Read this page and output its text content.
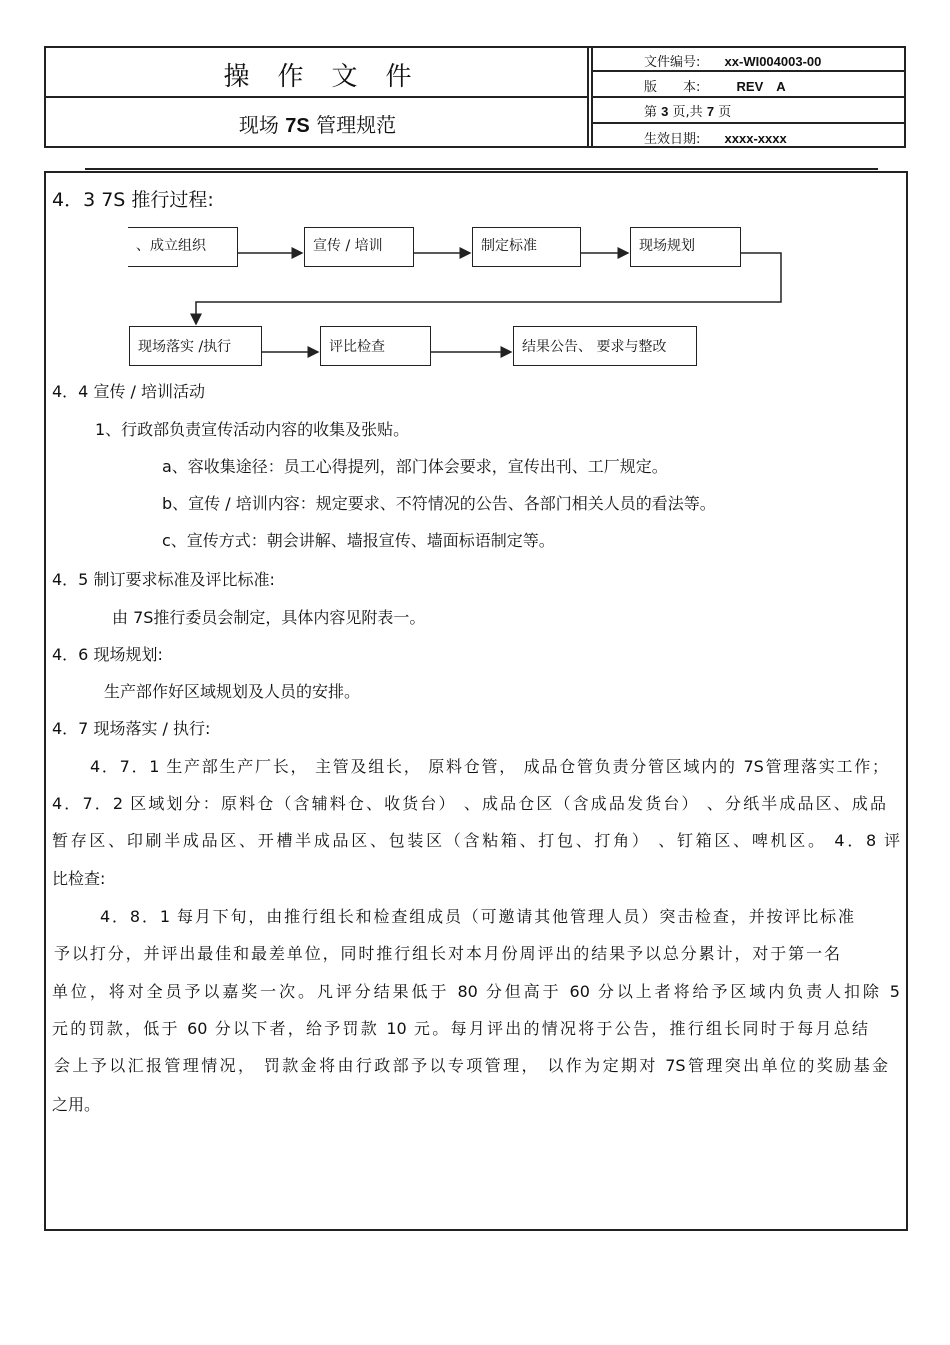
操作文件
现场 7S 管理规范
文件编号: xx-WI004003-00
版　　本:	REV　A
第 3 页,共 7 页
生效日期: xxxx-xxxx
4．3 7S 推行过程:
、成立组织	宣传 / 培训	制定标准	现场规划
现场落实 /执行	评比检查	结果公告、 要求与整改
4．4 宣传 / 培训活动
1、行政部负责宣传活动内容的收集及张贴。
a、容收集途径：员工心得提列，部门体会要求，宣传出刊、工厂规定。
b、宣传 / 培训内容：规定要求、不符情况的公告、各部门相关人员的看法等。
c、宣传方式：朝会讲解、墙报宣传、墙面标语制定等。
4．5 制订要求标准及评比标准:
由 7S推行委员会制定，具体内容见附表一。
4．6 现场规划:
生产部作好区域规划及人员的安排。
4．7 现场落实 / 执行:
4．7．1 生产部生产厂长， 主管及组长， 原料仓管， 成品仓管负责分管区域内的 7S管理落实工作；
4．7．2 区域划分：原料仓（含辅料仓、收货台） 、成品仓区（含成品发货台） 、分纸半成品区、成品
暂存区、印刷半成品区、开槽半成品区、包装区（含粘箱、打包、打角） 、钉箱区、啤机区。 4．8 评
比检查:
4．8．1 每月下旬，由推行组长和检查组成员（可邀请其他管理人员）突击检查，并按评比标准
予以打分，并评出最佳和最差单位，同时推行组长对本月份周评出的结果予以总分累计，对于第一名
单位，将对全员予以嘉奖一次。凡评分结果低于 80 分但高于 60 分以上者将给予区域内负责人扣除 5
元的罚款，低于 60 分以下者，给予罚款 10 元。每月评出的情况将于公告，推行组长同时于每月总结
会上予以汇报管理情况， 罚款金将由行政部予以专项管理， 以作为定期对 7S管理突出单位的奖励基金
之用。
